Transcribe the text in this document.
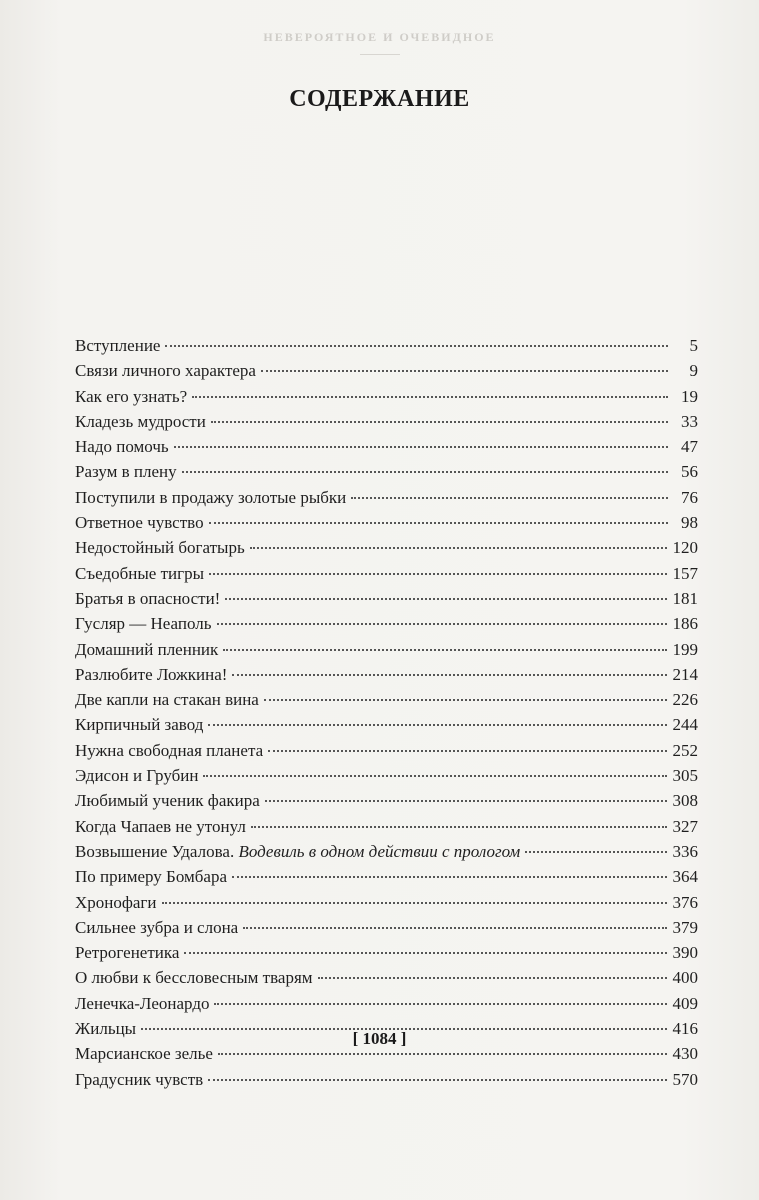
НЕВЕРОЯТНОЕ И ОЧЕВИДНОЕ
СОДЕРЖАНИЕ
Вступление	5
Связи личного характера	9
Как его узнать?	19
Кладезь мудрости	33
Надо помочь	47
Разум в плену	56
Поступили в продажу золотые рыбки	76
Ответное чувство	98
Недостойный богатырь	120
Съедобные тигры	157
Братья в опасности!	181
Гусляр — Неаполь	186
Домашний пленник	199
Разлюбите Ложкина!	214
Две капли на стакан вина	226
Кирпичный завод	244
Нужна свободная планета	252
Эдисон и Грубин	305
Любимый ученик факира	308
Когда Чапаев не утонул	327
Возвышение Удалова. Водевиль в одном действии с прологом	336
По примеру Бомбара	364
Хронофаги	376
Сильнее зубра и слона	379
Ретрогенетика	390
О любви к бессловесным тварям	400
Ленечка-Леонардо	409
Жильцы	416
Марсианское зелье	430
Градусник чувств	570
[ 1084 ]
